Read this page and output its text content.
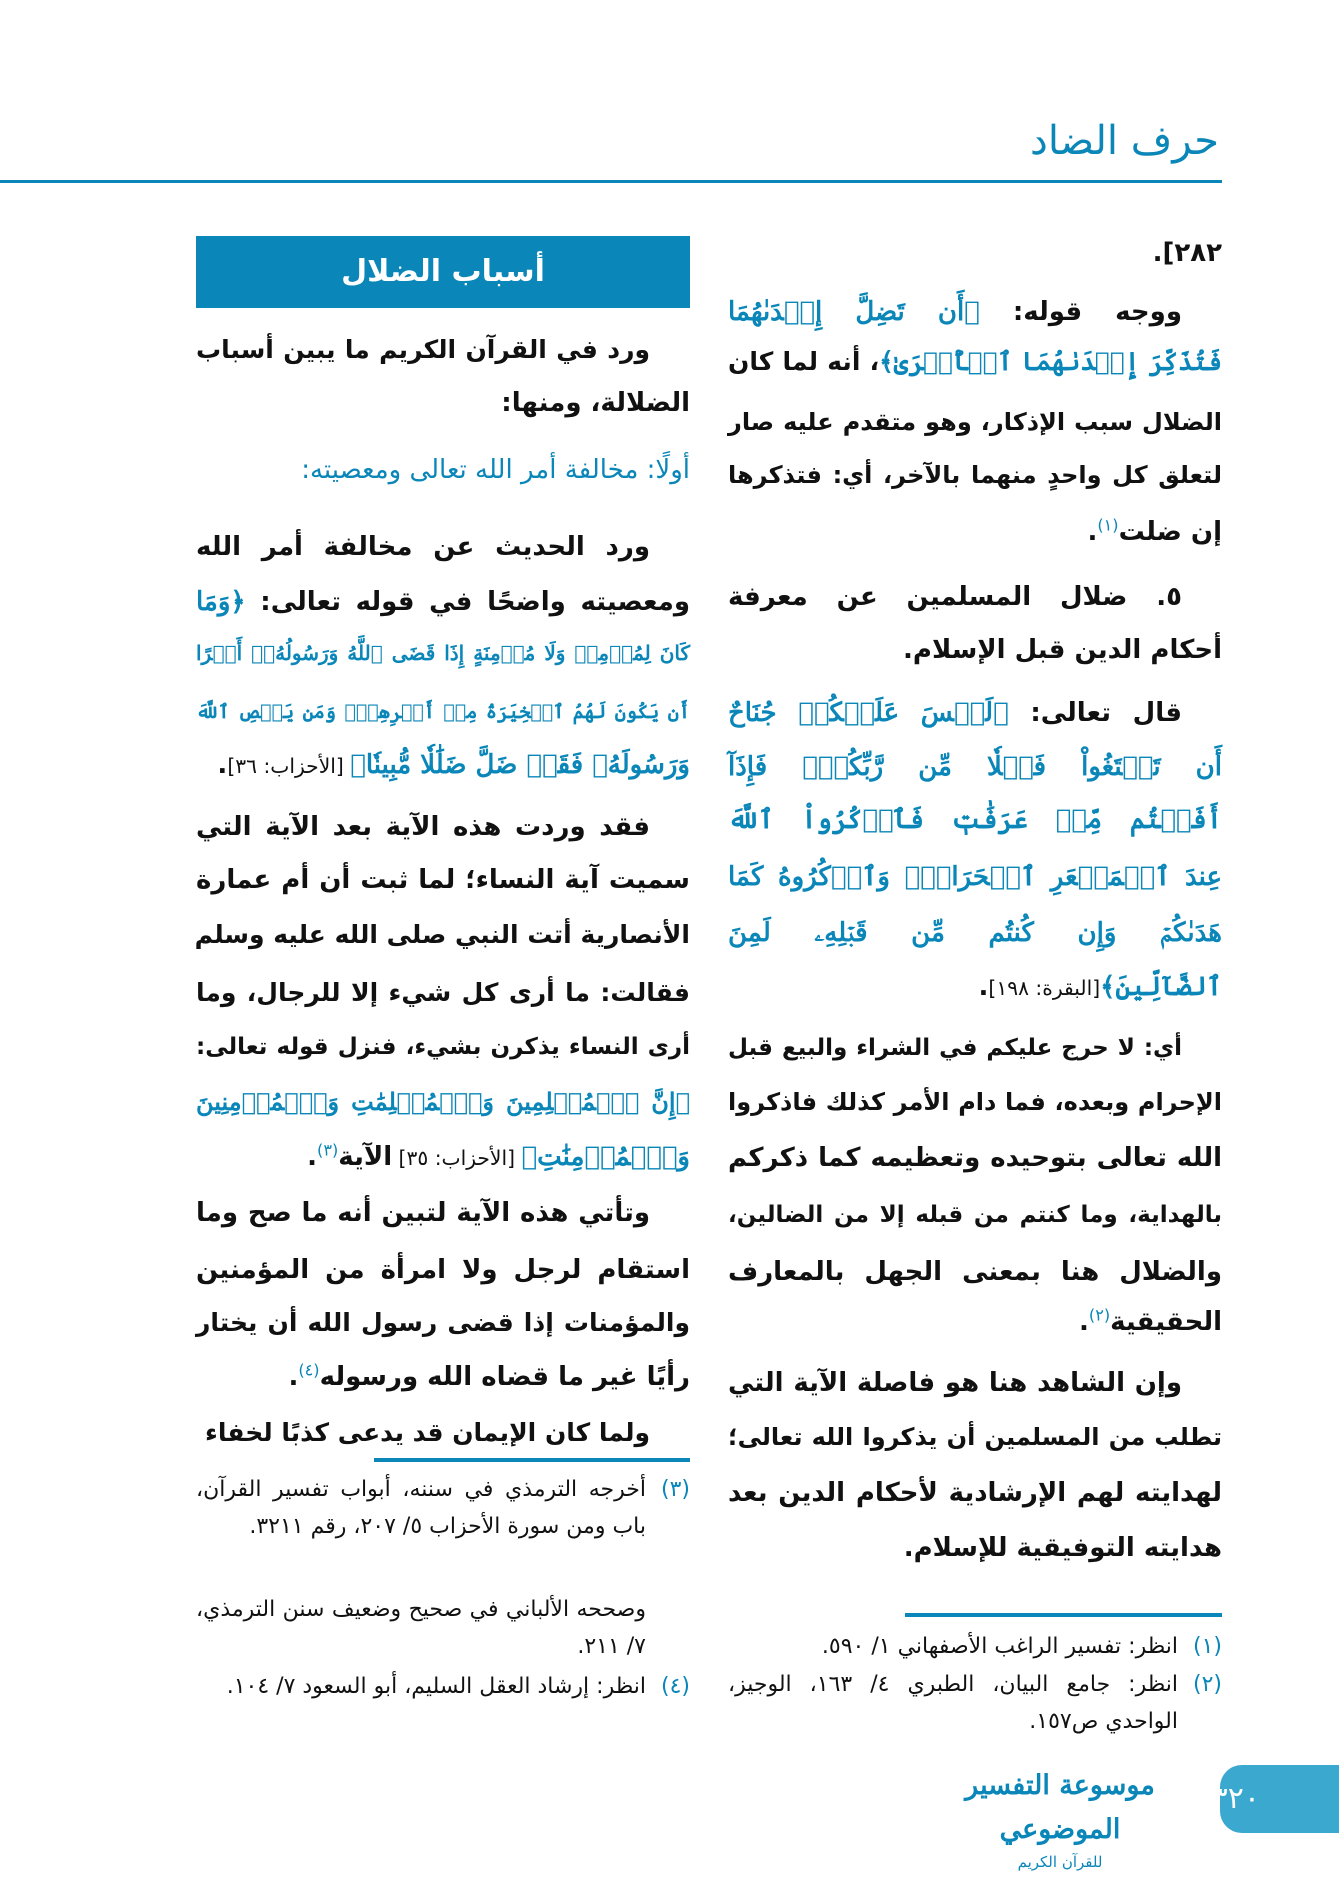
حرف الضاد
أسباب الضلال
٢٨٢].
ووجه قوله: ﴿أَن تَضِلَّ إِحۡدَىٰهُمَا
فَتُذَكِّرَ إِحۡدَىٰهُمَا ٱلۡأُخۡرَىٰ﴾، أنه لما كان
الضلال سبب الإذكار، وهو متقدم عليه صار
لتعلق كل واحدٍ منهما بالآخر، أي: فتذكرها
إن ضلت$^{(١)}$.
٥. ضلال المسلمين عن معرفة
أحكام الدين قبل الإسلام.
قال تعالى: ﴿لَيۡسَ عَلَيۡكُمۡ جُنَاحٌ
أَن تَبۡتَغُواْ فَضۡلٗا مِّن رَّبِّكُمۡۚ فَإِذَآ
أَفَضۡتُم مِّنۡ عَرَفَٰتٖ فَٱذۡكُرُواْ ٱللَّهَ
عِندَ ٱلۡمَشۡعَرِ ٱلۡحَرَامِۖ وَٱذۡكُرُوهُ كَمَا
هَدَىٰكُمۡ وَإِن كُنتُم مِّن قَبۡلِهِۦ لَمِنَ
ٱلضَّآلِّينَ﴾[البقرة: ١٩٨].
أي: لا حرج عليكم في الشراء والبيع قبل
الإحرام وبعده، فما دام الأمر كذلك فاذكروا
الله تعالى بتوحيده وتعظيمه كما ذكركم
بالهداية، وما كنتم من قبله إلا من الضالين،
والضلال هنا بمعنى الجهل بالمعارف
الحقيقية$^{(٢)}$.
وإن الشاهد هنا هو فاصلة الآية التي
تطلب من المسلمين أن يذكروا الله تعالى؛
لهدايته لهم الإرشادية لأحكام الدين بعد
هدايته التوفيقية للإسلام.
ورد في القرآن الكريم ما يبين أسباب
الضلالة، ومنها:
أولًا: مخالفة أمر الله تعالى ومعصيته:
ورد الحديث عن مخالفة أمر الله
ومعصيته واضحًا في قوله تعالى: ﴿وَمَا
كَانَ لِمُؤۡمِنٖ وَلَا مُؤۡمِنَةٍ إِذَا قَضَى ٱللَّهُ وَرَسُولُهُۥٓ أَمۡرًا
أَن يَكُونَ لَهُمُ ٱلۡخِيَرَةُ مِنۡ أَمۡرِهِمۡۗ وَمَن يَعۡصِ ٱللَّهَ
وَرَسُولَهُۥ فَقَدۡ ضَلَّ ضَلَٰلٗا مُّبِينٗا﴾ [الأحزاب: ٣٦].
فقد وردت هذه الآية بعد الآية التي
سميت آية النساء؛ لما ثبت أن أم عمارة
الأنصارية أتت النبي صلى الله عليه وسلم
فقالت: ما أرى كل شيء إلا للرجال، وما
أرى النساء يذكرن بشيء، فنزل قوله تعالى:
﴿إِنَّ ٱلۡمُسۡلِمِينَ وَٱلۡمُسۡلِمَٰتِ وَٱلۡمُؤۡمِنِينَ
وَٱلۡمُؤۡمِنَٰتِ﴾ [الأحزاب: ٣٥] الآية$^{(٣)}$.
وتأتي هذه الآية لتبين أنه ما صح وما
استقام لرجل ولا امرأة من المؤمنين
والمؤمنات إذا قضى رسول الله أن يختار
رأيًا غير ما قضاه الله ورسوله$^{(٤)}$.
ولما كان الإيمان قد يدعى كذبًا لخفاء
(١)
انظر: تفسير الراغب الأصفهاني ١/ ٥٩٠.
(٢)
انظر: جامع البيان، الطبري ٤/ ١٦٣، الوجيز، الواحدي ص١٥٧.
(٣)
أخرجه الترمذي في سننه، أبواب تفسير القرآن، باب ومن سورة الأحزاب ٥/ ٢٠٧، رقم ٣٢١١.
وصححه الألباني في صحيح وضعيف سنن الترمذي، ٧/ ٢١١.
(٤)
انظر: إرشاد العقل السليم، أبو السعود ٧/ ١٠٤.
موسوعة التفسير الموضوعي
للقرآن الكريم
٣٢٠
